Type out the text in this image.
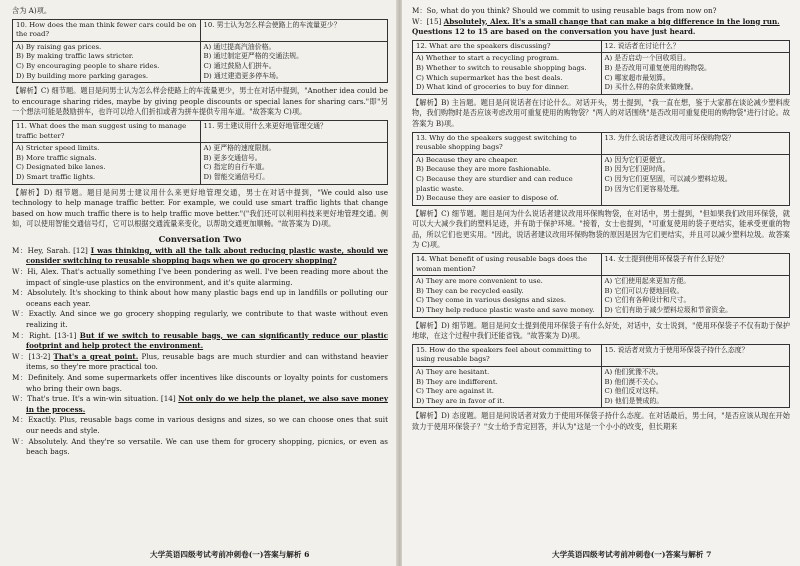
含为 A)项。
10. How does the man think fewer cars could be on the road?	10. 男士认为怎么样会使路上的车流量更少？

A) By raising gas prices.
B) By making traffic laws stricter.
C) By encouraging people to share rides.
D) By building more parking garages.	A) 通过提高汽油价格。
B) 通过制定更严格的交通法规。
C) 通过鼓励人们拼车。
D) 通过建造更多停车场。
【解析】C) 细节题。题目是问男士认为怎么样会使路上的车流量更少，男士在对话中提到，"Another idea could be to encourage sharing rides, maybe by giving people discounts or special lanes for sharing cars."即"另一个想法可能是鼓励拼车，也许可以给人们折扣或者为拼车提供专用车道。"故答案为 C)项。
11. What does the man suggest using to manage traffic better?	11. 男士建议用什么来更好地管理交通？

A) Stricter speed limits.
B) More traffic signals.
C) Designated bike lanes.
D) Smart traffic lights.	A) 更严格的速度限制。
B) 更多交通信号。
C) 指定的自行车道。
D) 智能交通信号灯。
【解析】D) 细节题。题目是问男士建议用什么来更好地管理交通，男士在对话中提到，"We could also use technology to help manage traffic better. For example, we could use smart traffic lights that change based on how much traffic there is to help traffic move better."("我们还可以利用科技来更好地管理交通。例如，可以使用智能交通信号灯，它可以根据交通流量来变化，以帮助交通更加顺畅。"故答案为 D)项。
Conversation Two
M：Hey, Sarah. [12] I was thinking, with all the talk about reducing plastic waste, should we consider switching to reusable shopping bags when we go grocery shopping?
W：Hi, Alex. That's actually something I've been pondering as well. I've been reading more about the impact of single-use plastics on the environment, and it's quite alarming.
M：Absolutely. It's shocking to think about how many plastic bags end up in landfills or polluting our oceans each year.
W：Exactly. And since we go grocery shopping regularly, we contribute to that waste without even realizing it.
M：Right. [13-1] But if we switch to reusable bags, we can significantly reduce our plastic footprint and help protect the environment.
W：[13-2] That's a great point. Plus, reusable bags are much sturdier and can withstand heavier items, so they're more practical too.
M：Definitely. And some supermarkets offer incentives like discounts or loyalty points for customers who bring their own bags.
W：That's true. It's a win-win situation. [14] Not only do we help the planet, we also save money in the process.
M：Exactly. Plus, reusable bags come in various designs and sizes, so we can choose ones that suit our needs and style.
W：Absolutely. And they're so versatile. We can use them for grocery shopping, picnics, or even as beach bags.
大学英语四级考试考前冲刺卷(一)答案与解析 6
M：So, what do you think? Should we commit to using reusable bags from now on?
W：[15] Absolutely, Alex. It's a small change that can make a big difference in the long run.
Questions 12 to 15 are based on the conversation you have just heard.
12. What are the speakers discussing?	12. 说话者在讨论什么？

A) Whether to start a recycling program.
B) Whether to switch to reusable shopping bags.
C) Which supermarket has the best deals.
D) What kind of groceries to buy for dinner.	A) 是否启动一个回收项目。
B) 是否改用可重复使用的购物袋。
C) 哪家超市最划算。
D) 买什么样的杂货来做晚餐。
【解析】B) 主旨题。题目是问说话者在讨论什么。对话开头，男士提到，"我一直在想，鉴于大家都在谈论减少塑料废物，我们购物时是否应该考虑改用可重复使用的购物袋？"两人的对话围绕"是否改用可重复使用的购物袋"进行讨论。故答案为 B)项。
13. Why do the speakers suggest switching to reusable shopping bags?	13. 为什么说话者建议改用可环保购物袋？

A) Because they are cheaper.
B) Because they are more fashionable.
C) Because they are sturdier and can reduce plastic waste.
D) Because they are easier to dispose of.	A) 因为它们更便宜。
B) 因为它们更时尚。
C) 因为它们更坚固，可以减少塑料垃圾。
D) 因为它们更容易处理。
【解析】C) 细节题。题目是问为什么说话者建议改用环保购物袋，在对话中，男士提到，"但如果我们改用环保袋，就可以大大减少我们的塑料足迹，并有助于保护环境。"接着，女士也提到，"可重复使用的袋子更结实，能承受更重的物品，所以它们也更实用。"因此，说话者建议改用环保购物袋的原因是因为它们更结实，并且可以减少塑料垃圾。故答案为 C)项。
14. What benefit of using reusable bags does the woman mention?	14. 女士提到使用环保袋子有什么好处？

A) They are more convenient to use.
B) They can be recycled easily.
C) They come in various designs and sizes.
D) They help reduce plastic waste and save money.	A) 它们使用起来更加方便。
B) 它们可以方便地回收。
C) 它们有各种设计和尺寸。
D) 它们有助于减少塑料垃圾和节省资金。
【解析】D) 细节题。题目是问女士提到使用环保袋子有什么好处，对话中，女士说到，"使用环保袋子不仅有助于保护地球，在这个过程中我们还能省钱。"故答案为 D)项。
15. How do the speakers feel about committing to using reusable bags?	15. 说话者对致力于使用环保袋子持什么态度？

A) They are hesitant.
B) They are indifferent.
C) They are against it.
D) They are in favor of it.	A) 他们犹豫不决。
B) 他们漠不关心。
C) 他们反对这样。
D) 他们是赞成的。
【解析】D) 态度题。题目是问说话者对致力于使用环保袋子持什么态度。在对话最后，男士问，"是否应该从现在开始致力于使用环保袋子？"女士给予肯定回答，并认为"这是一个小小的改变，但长期来
大学英语四级考试考前冲刺卷(一)答案与解析 7
